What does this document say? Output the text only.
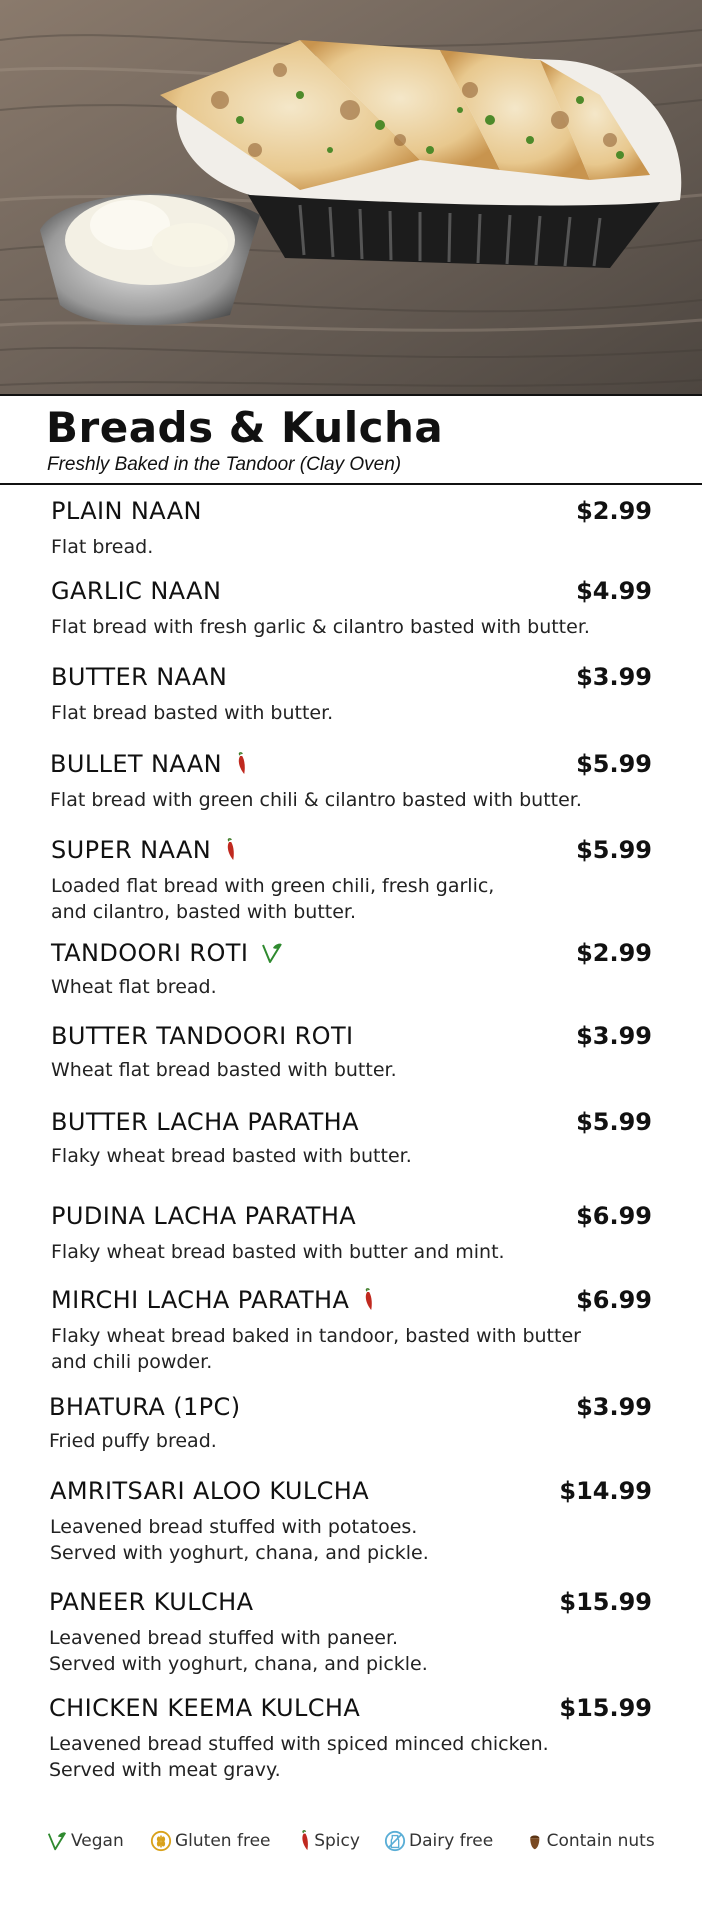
Breads & Kulcha
Freshly Baked in the Tandoor (Clay Oven)
PLAIN NAAN	$2.99
Flat bread.
GARLIC NAAN	$4.99
Flat bread with fresh garlic & cilantro basted with butter.
BUTTER NAAN	$3.99
Flat bread basted with butter.
BULLET NAAN	$5.99
Flat bread with green chili & cilantro basted with butter.
SUPER NAAN	$5.99
Loaded flat bread with green chili, fresh garlic,
and cilantro, basted with butter.
TANDOORI ROTI	$2.99
Wheat flat bread.
BUTTER TANDOORI ROTI	$3.99
Wheat flat bread basted with butter.
BUTTER LACHA PARATHA	$5.99
Flaky wheat bread basted with butter.
PUDINA LACHA PARATHA	$6.99
Flaky wheat bread basted with butter and mint.
MIRCHI LACHA PARATHA	$6.99
Flaky wheat bread baked in tandoor, basted with butter
and chili powder.
BHATURA (1PC)	$3.99
Fried puffy bread.
AMRITSARI ALOO KULCHA	$14.99
Leavened bread stuffed with potatoes.
Served with yoghurt, chana, and pickle.
PANEER KULCHA	$15.99
Leavened bread stuffed with paneer.
Served with yoghurt, chana, and pickle.
CHICKEN KEEMA KULCHA	$15.99
Leavened bread stuffed with spiced minced chicken.
Served with meat gravy.
Vegan	Gluten free	Spicy	Dairy free	Contain nuts
